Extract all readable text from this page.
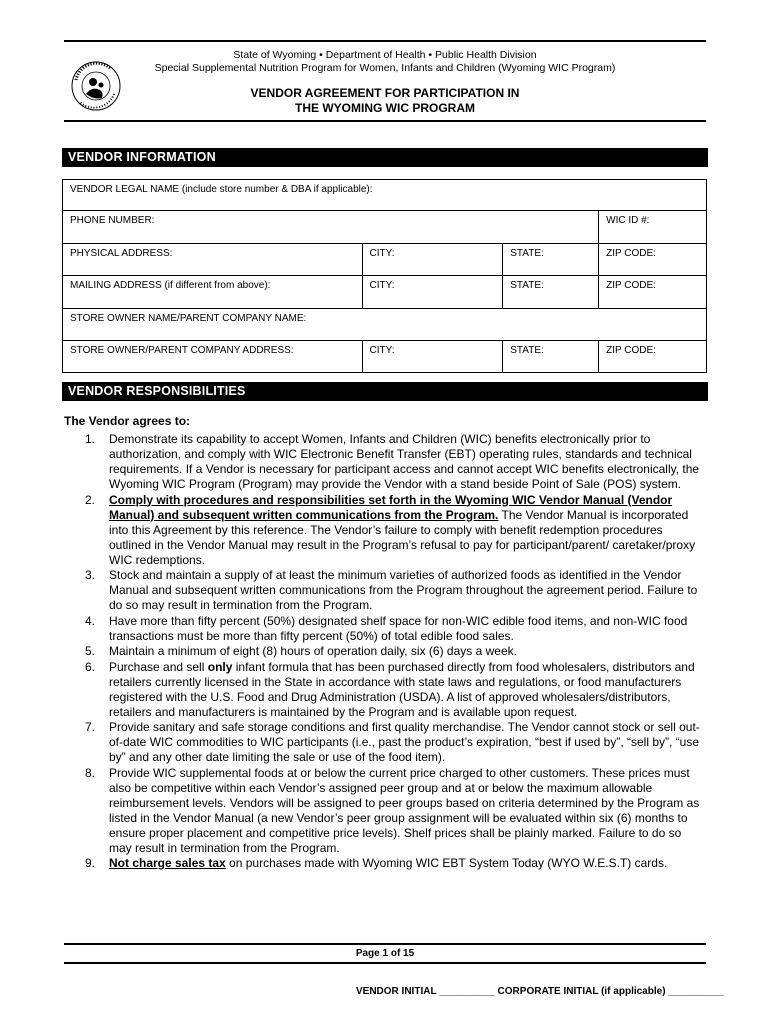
State of Wyoming • Department of Health • Public Health Division
Special Supplemental Nutrition Program for Women, Infants and Children (Wyoming WIC Program)
VENDOR AGREEMENT FOR PARTICIPATION IN
THE WYOMING WIC PROGRAM
VENDOR INFORMATION
VENDOR LEGAL NAME (include store number & DBA if applicable):			
PHONE NUMBER:			WIC ID #:
PHYSICAL ADDRESS:	CITY:	STATE:	ZIP CODE:
MAILING ADDRESS (if different from above):	CITY:	STATE:	ZIP CODE:
STORE OWNER NAME/PARENT COMPANY NAME:			
STORE OWNER/PARENT COMPANY ADDRESS:	CITY:	STATE:	ZIP CODE:
VENDOR RESPONSIBILITIES
The Vendor agrees to:
1.	Demonstrate its capability to accept Women, Infants and Children (WIC) benefits electronically prior to authorization, and comply with WIC Electronic Benefit Transfer (EBT) operating rules, standards and technical requirements. If a Vendor is necessary for participant access and cannot accept WIC benefits electronically, the Wyoming WIC Program (Program) may provide the Vendor with a stand beside Point of Sale (POS) system.
2.	Comply with procedures and responsibilities set forth in the Wyoming WIC Vendor Manual (Vendor Manual) and subsequent written communications from the Program. The Vendor Manual is incorporated into this Agreement by this reference. The Vendor’s failure to comply with benefit redemption procedures outlined in the Vendor Manual may result in the Program’s refusal to pay for participant/parent/ caretaker/proxy WIC redemptions.
3.	Stock and maintain a supply of at least the minimum varieties of authorized foods as identified in the Vendor Manual and subsequent written communications from the Program throughout the agreement period. Failure to do so may result in termination from the Program.
4.	Have more than fifty percent (50%) designated shelf space for non-WIC edible food items, and non-WIC food transactions must be more than fifty percent (50%) of total edible food sales.
5.	Maintain a minimum of eight (8) hours of operation daily, six (6) days a week.
6.	Purchase and sell only infant formula that has been purchased directly from food wholesalers, distributors and retailers currently licensed in the State in accordance with state laws and regulations, or food manufacturers registered with the U.S. Food and Drug Administration (USDA). A list of approved wholesalers/distributors, retailers and manufacturers is maintained by the Program and is available upon request.
7.	Provide sanitary and safe storage conditions and first quality merchandise. The Vendor cannot stock or sell out-of-date WIC commodities to WIC participants (i.e., past the product’s expiration, “best if used by”, “sell by”, “use by” and any other date limiting the sale or use of the food item).
8.	Provide WIC supplemental foods at or below the current price charged to other customers. These prices must also be competitive within each Vendor’s assigned peer group and at or below the maximum allowable reimbursement levels. Vendors will be assigned to peer groups based on criteria determined by the Program as listed in the Vendor Manual (a new Vendor’s peer group assignment will be evaluated within six (6) months to ensure proper placement and competitive price levels). Shelf prices shall be plainly marked. Failure to do so may result in termination from the Program.
9.	Not charge sales tax on purchases made with Wyoming WIC EBT System Today (WYO W.E.S.T) cards.
Page 1 of 15
VENDOR INITIAL __________ CORPORATE INITIAL (if applicable) __________
